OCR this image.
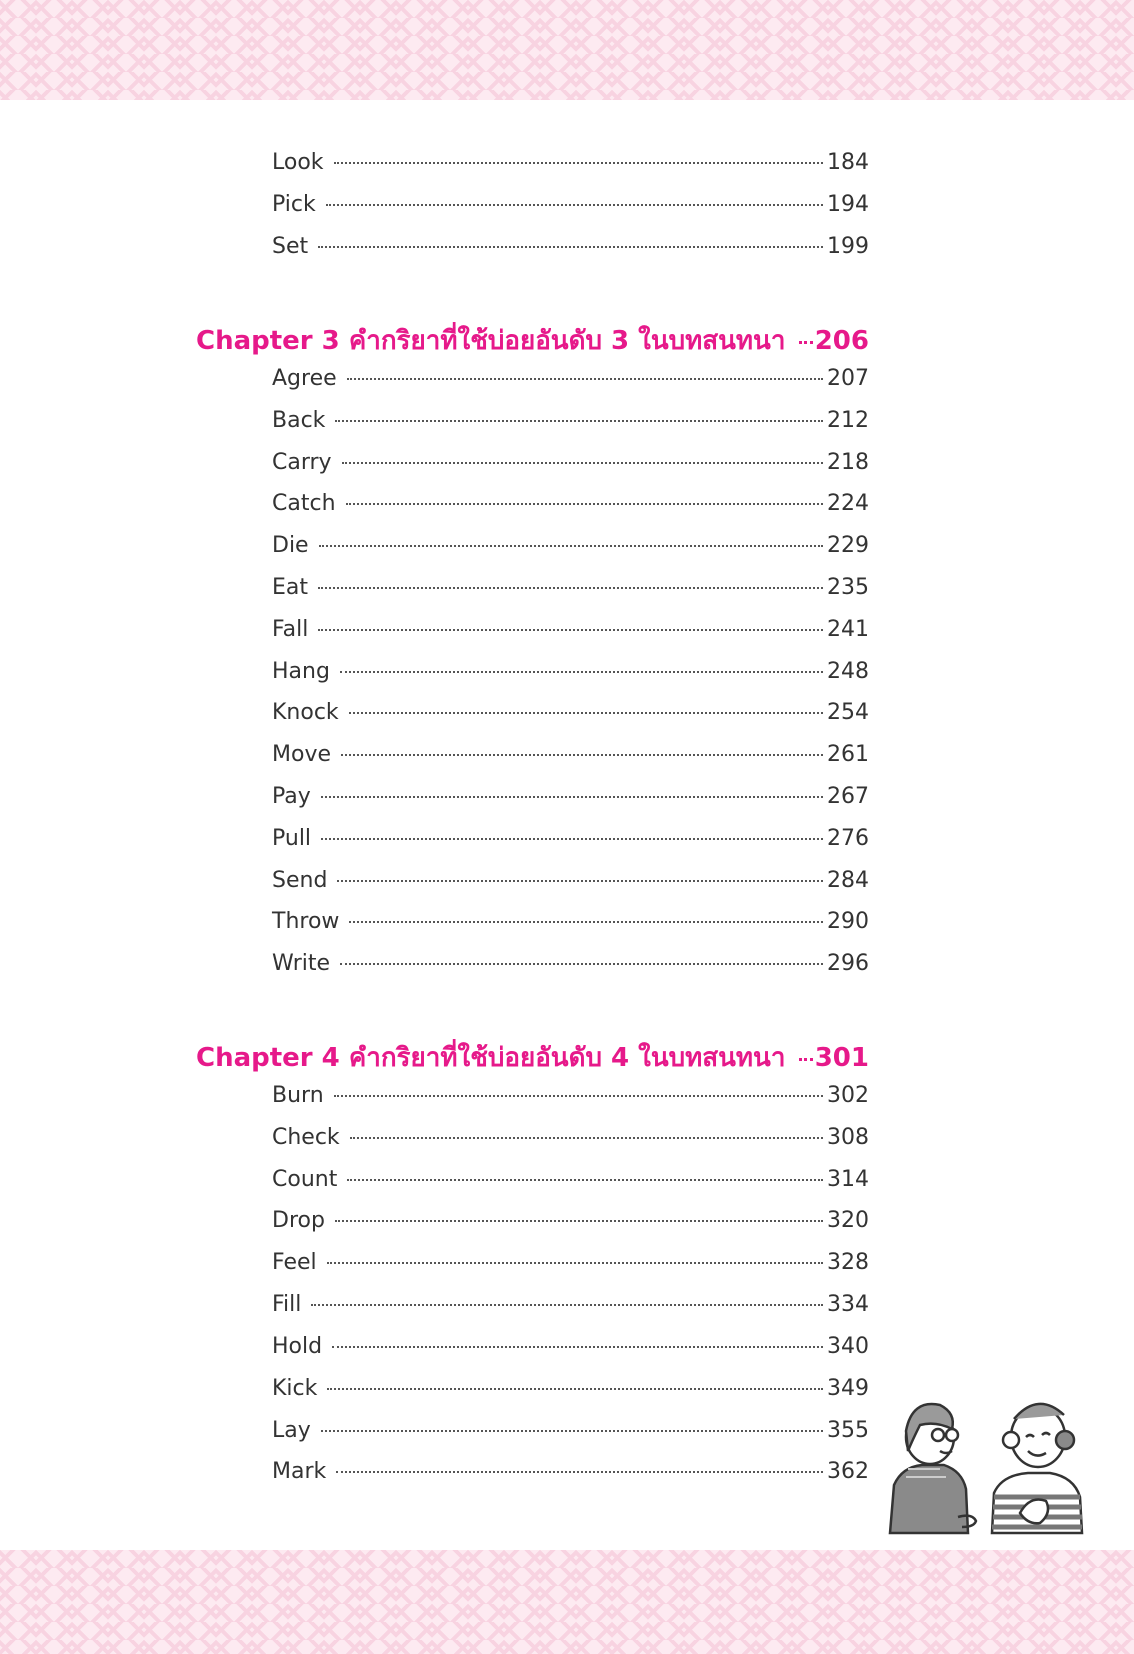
Look	184
Pick	194
Set	199
Chapter 3 คำกริยาที่ใช้บ่อยอันดับ 3 ในบทสนทนา 206
Agree	207
Back	212
Carry	218
Catch	224
Die	229
Eat	235
Fall	241
Hang	248
Knock	254
Move	261
Pay	267
Pull	276
Send	284
Throw	290
Write	296
Chapter 4 คำกริยาที่ใช้บ่อยอันดับ 4 ในบทสนทนา 301
Burn	302
Check	308
Count	314
Drop	320
Feel	328
Fill	334
Hold	340
Kick	349
Lay	355
Mark	362
